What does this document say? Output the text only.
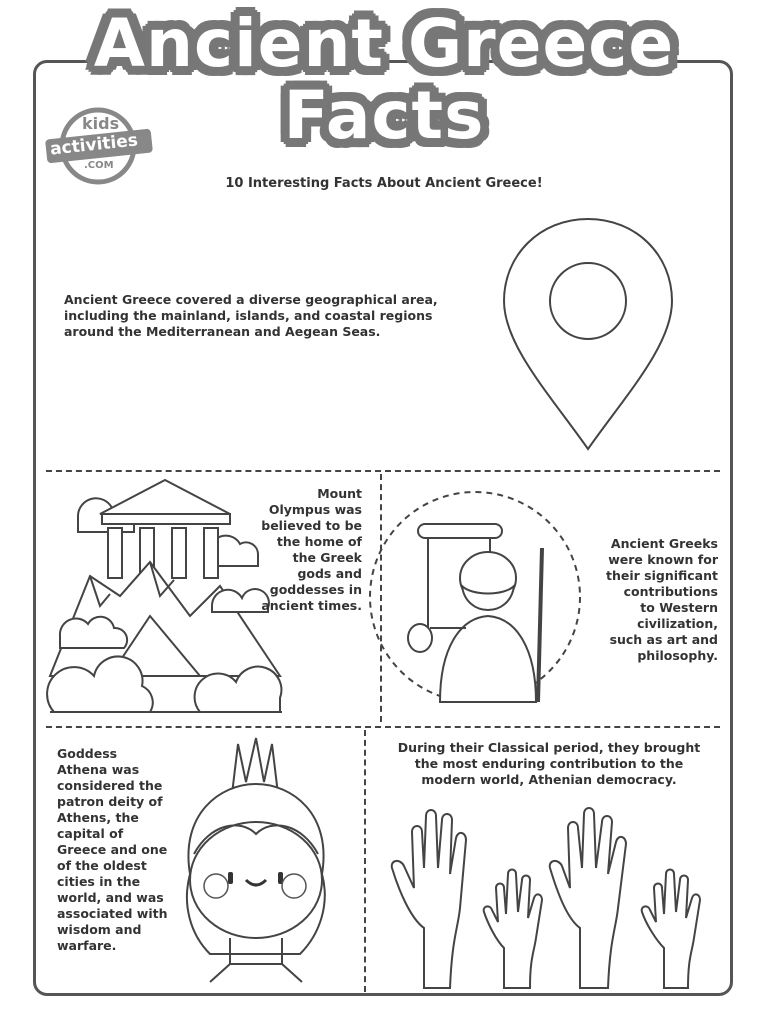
Ancient Greece
Facts
kids
activities
.COM
10 Interesting Facts About Ancient Greece!
Ancient Greece covered a diverse geographical area, including the mainland, islands, and coastal regions around the Mediterranean and Aegean Seas.
Mount Olympus was believed to be the home of the Greek gods and goddesses in ancient times.
Ancient Greeks were known for their significant contributions to Western civilization, such as art and philosophy.
Goddess Athena was considered the patron deity of Athens, the capital of Greece and one of the oldest cities in the world, and was associated with wisdom and warfare.
During their Classical period, they brought the most enduring contribution to the modern world, Athenian democracy.
